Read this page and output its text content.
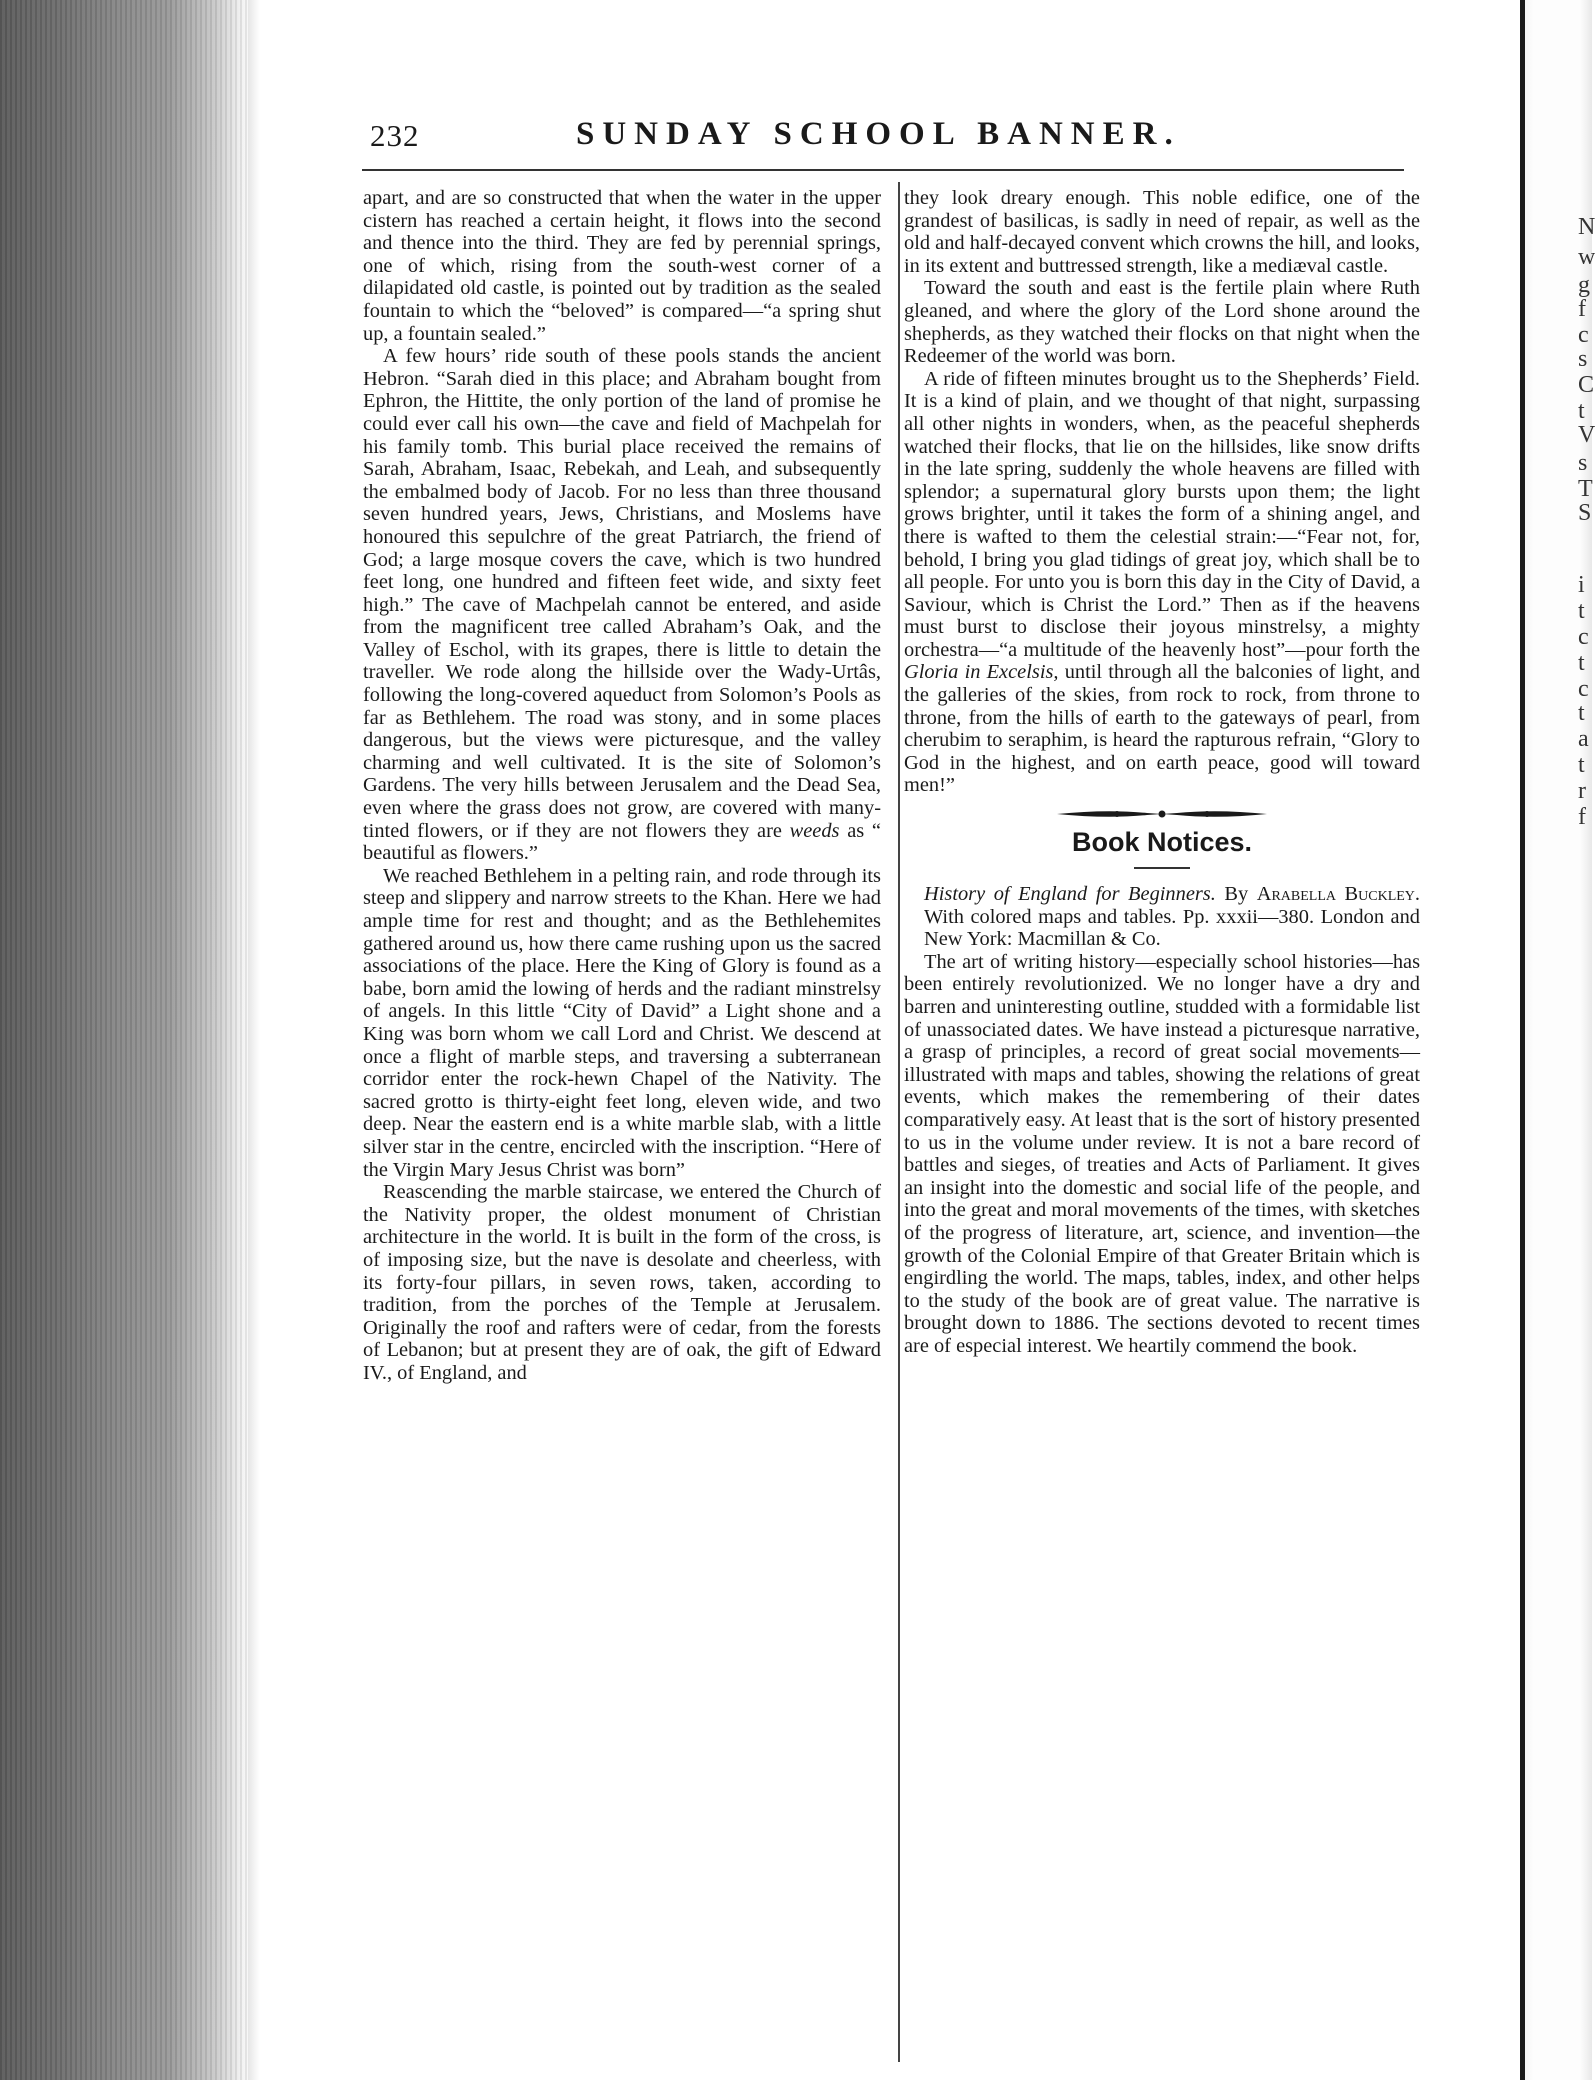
N
w
g
f
c
s
C
t
V
s
T
S
i
t
c
t
c
t
a
t
r
f
232	SUNDAY SCHOOL BANNER.

apart, and are so constructed that when the water in the upper cistern has reached a certain height, it flows into the second and thence into the third. They are fed by perennial springs, one of which, rising from the south-west corner of a dilapidated old castle, is pointed out by tradition as the sealed fountain to which the “beloved” is compared—“a spring shut up, a fountain sealed.”

A few hours’ ride south of these pools stands the ancient Hebron. “Sarah died in this place; and Abraham bought from Ephron, the Hittite, the only portion of the land of promise he could ever call his own—the cave and field of Machpelah for his family tomb. This burial place received the remains of Sarah, Abraham, Isaac, Rebekah, and Leah, and subsequently the embalmed body of Jacob. For no less than three thousand seven hundred years, Jews, Christians, and Moslems have honoured this sepulchre of the great Patriarch, the friend of God; a large mosque covers the cave, which is two hundred feet long, one hundred and fifteen feet wide, and sixty feet high.” The cave of Machpelah cannot be entered, and aside from the magnificent tree called Abraham’s Oak, and the Valley of Eschol, with its grapes, there is little to detain the traveller. We rode along the hillside over the Wady-Urtâs, following the long-covered aqueduct from Solomon’s Pools as far as Bethlehem. The road was stony, and in some places dangerous, but the views were picturesque, and the valley charming and well cultivated. It is the site of Solomon’s Gardens. The very hills between Jerusalem and the Dead Sea, even where the grass does not grow, are covered with many-tinted flowers, or if they are not flowers they are weeds as “ beautiful as flowers.”

We reached Bethlehem in a pelting rain, and rode through its steep and slippery and narrow streets to the Khan. Here we had ample time for rest and thought; and as the Bethlehemites gathered around us, how there came rushing upon us the sacred associations of the place. Here the King of Glory is found as a babe, born amid the lowing of herds and the radiant minstrelsy of angels. In this little “City of David” a Light shone and a King was born whom we call Lord and Christ. We descend at once a flight of marble steps, and traversing a subterranean corridor enter the rock-hewn Chapel of the Nativity. The sacred grotto is thirty-eight feet long, eleven wide, and two deep. Near the eastern end is a white marble slab, with a little silver star in the centre, encircled with the inscription. “Here of the Virgin Mary Jesus Christ was born”

Reascending the marble staircase, we entered the Church of the Nativity proper, the oldest monument of Christian architecture in the world. It is built in the form of the cross, is of imposing size, but the nave is desolate and cheerless, with its forty-four pillars, in seven rows, taken, according to tradition, from the porches of the Temple at Jerusalem. Originally the roof and rafters were of cedar, from the forests of Lebanon; but at present they are of oak, the gift of Edward IV., of England, and

they look dreary enough. This noble edifice, one of the grandest of basilicas, is sadly in need of repair, as well as the old and half-decayed convent which crowns the hill, and looks, in its extent and buttressed strength, like a mediæval castle.

Toward the south and east is the fertile plain where Ruth gleaned, and where the glory of the Lord shone around the shepherds, as they watched their flocks on that night when the Redeemer of the world was born.

A ride of fifteen minutes brought us to the Shepherds’ Field. It is a kind of plain, and we thought of that night, surpassing all other nights in wonders, when, as the peaceful shepherds watched their flocks, that lie on the hillsides, like snow drifts in the late spring, suddenly the whole heavens are filled with splendor; a supernatural glory bursts upon them; the light grows brighter, until it takes the form of a shining angel, and there is wafted to them the celestial strain:—“Fear not, for, behold, I bring you glad tidings of great joy, which shall be to all people. For unto you is born this day in the City of David, a Saviour, which is Christ the Lord.” Then as if the heavens must burst to disclose their joyous minstrelsy, a mighty orchestra—“a multitude of the heavenly host”—pour forth the Gloria in Excelsis, until through all the balconies of light, and the galleries of the skies, from rock to rock, from throne to throne, from the hills of earth to the gateways of pearl, from cherubim to seraphim, is heard the rapturous refrain, “Glory to God in the highest, and on earth peace, good will toward men!”

Book Notices.

History of England for Beginners. By Arabella Buckley. With colored maps and tables. Pp. xxxii—380. London and New York: Macmillan & Co.

The art of writing history—especially school histories—has been entirely revolutionized. We no longer have a dry and barren and uninteresting outline, studded with a formidable list of unassociated dates. We have instead a picturesque narrative, a grasp of principles, a record of great social movements—illustrated with maps and tables, showing the relations of great events, which makes the remembering of their dates comparatively easy. At least that is the sort of history presented to us in the volume under review. It is not a bare record of battles and sieges, of treaties and Acts of Parliament. It gives an insight into the domestic and social life of the people, and into the great and moral movements of the times, with sketches of the progress of literature, art, science, and invention—the growth of the Colonial Empire of that Greater Britain which is engirdling the world. The maps, tables, index, and other helps to the study of the book are of great value. The narrative is brought down to 1886. The sections devoted to recent times are of especial interest. We heartily commend the book.
